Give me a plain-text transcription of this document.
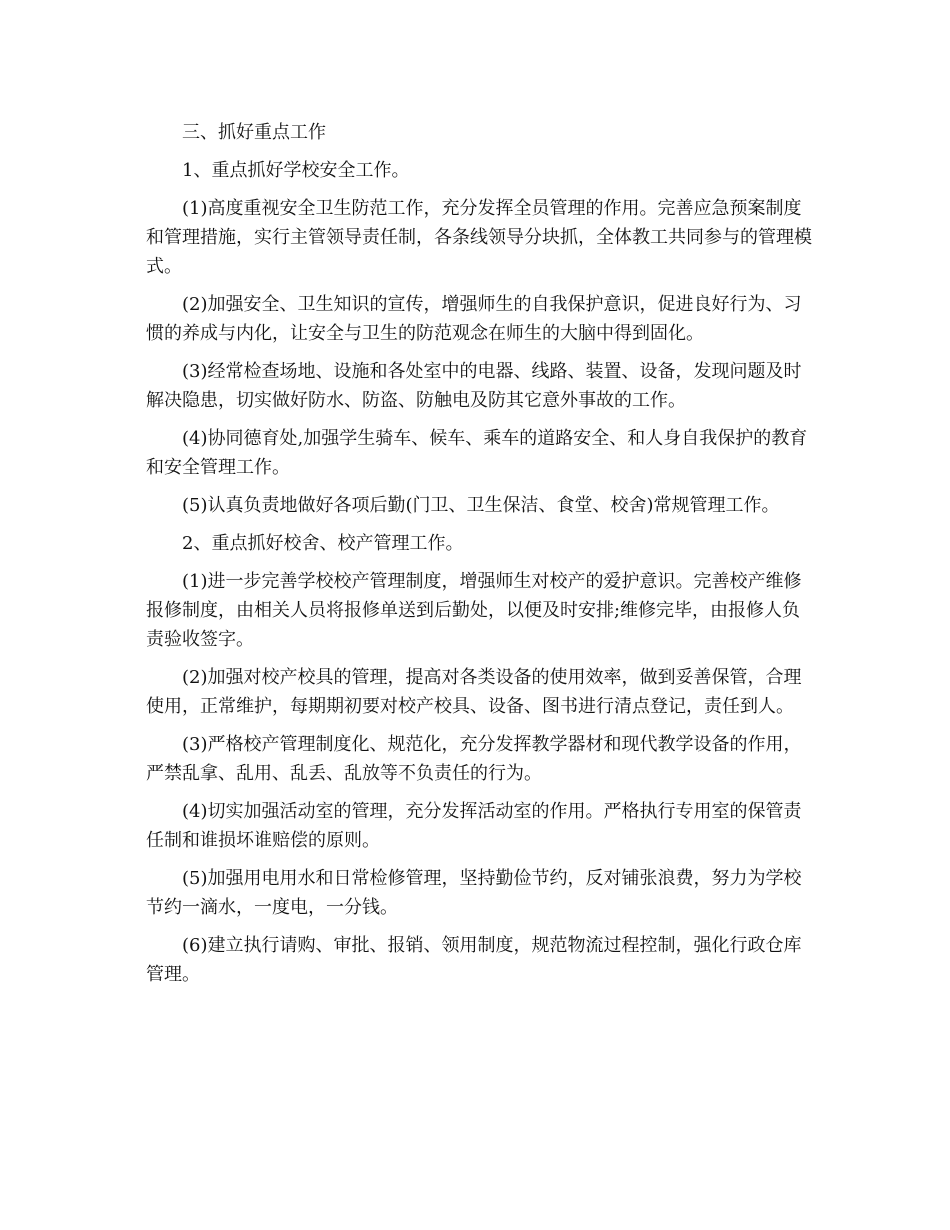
三、抓好重点工作

1、重点抓好学校安全工作。

(1)高度重视安全卫生防范工作，充分发挥全员管理的作用。完善应急预案制度和管理措施，实行主管领导责任制，各条线领导分块抓，全体教工共同参与的管理模式。

(2)加强安全、卫生知识的宣传，增强师生的自我保护意识，促进良好行为、习惯的养成与内化，让安全与卫生的防范观念在师生的大脑中得到固化。

(3)经常检查场地、设施和各处室中的电器、线路、装置、设备，发现问题及时解决隐患，切实做好防水、防盗、防触电及防其它意外事故的工作。

(4)协同德育处,加强学生骑车、候车、乘车的道路安全、和人身自我保护的教育和安全管理工作。

(5)认真负责地做好各项后勤(门卫、卫生保洁、食堂、校舍)常规管理工作。

2、重点抓好校舍、校产管理工作。

(1)进一步完善学校校产管理制度，增强师生对校产的爱护意识。完善校产维修报修制度，由相关人员将报修单送到后勤处，以便及时安排;维修完毕，由报修人负责验收签字。

(2)加强对校产校具的管理，提高对各类设备的使用效率，做到妥善保管，合理使用，正常维护，每期期初要对校产校具、设备、图书进行清点登记，责任到人。

(3)严格校产管理制度化、规范化，充分发挥教学器材和现代教学设备的作用，严禁乱拿、乱用、乱丢、乱放等不负责任的行为。

(4)切实加强活动室的管理，充分发挥活动室的作用。严格执行专用室的保管责任制和谁损坏谁赔偿的原则。

(5)加强用电用水和日常检修管理，坚持勤俭节约，反对铺张浪费，努力为学校节约一滴水，一度电，一分钱。

(6)建立执行请购、审批、报销、领用制度，规范物流过程控制，强化行政仓库管理。
